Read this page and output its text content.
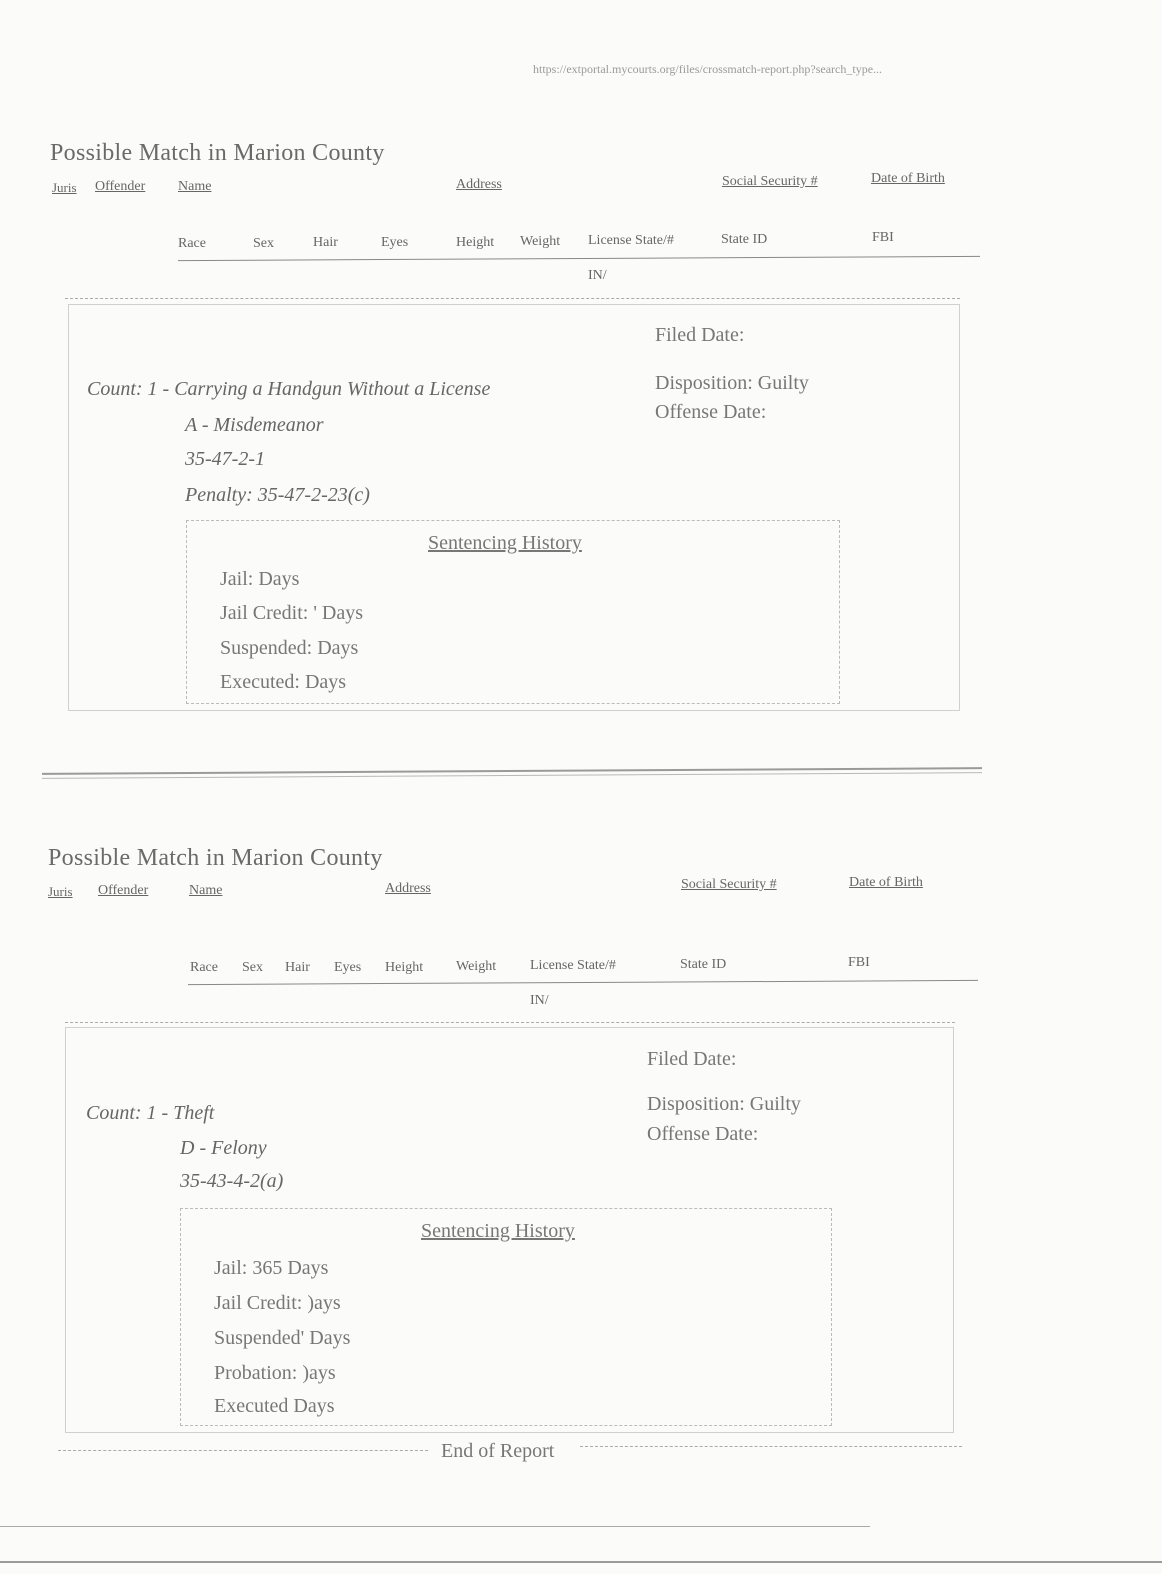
https://extportal.mycourts.org/files/crossmatch-report.php?search_type...
Possible Match in Marion County
Juris Offender Name	Address	Social Security #	Date of Birth
Race	Sex	Hair	Eyes	Height Weight License State/#	State ID	FBI
IN/
Filed Date:
Disposition: Guilty
Offense Date:
Count: 1 - Carrying a Handgun Without a License
A - Misdemeanor
35-47-2-1
Penalty: 35-47-2-23(c)
Sentencing History
Jail: Days
Jail Credit: ' Days
Suspended: Days
Executed: Days
Possible Match in Marion County
Juris Offender	Name	Address	Social Security #	Date of Birth
Race Sex Hair Eyes Height Weight License State/#	State ID	FBI
IN/
Filed Date:
Disposition: Guilty
Offense Date:
Count: 1 - Theft
D - Felony
35-43-4-2(a)
Sentencing History
Jail: 365 Days
Jail Credit: )ays
Suspended' Days
Probation: )ays
Executed Days
End of Report
